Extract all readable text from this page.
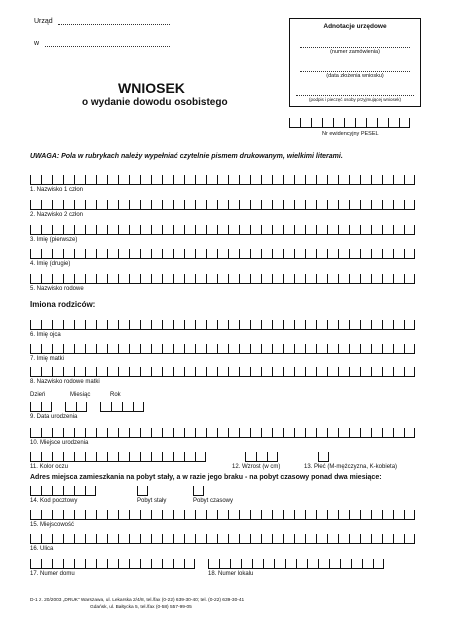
Urząd
w
Adnotacje urzędowe
(numer zamówienia)
(data złożenia wniosku)
(podpis i pieczęć osoby przyjmującej wniosek)
WNIOSEK
o wydanie dowodu osobistego
Nr ewidencyjny PESEL
UWAGA: Pola w rubrykach należy wypełniać czytelnie pismem drukowanym, wielkimi literami.
1. Nazwisko 1 człon
2. Nazwisko 2 człon
3. Imię (pierwsze)
4. Imię (drugie)
5. Nazwisko rodowe
Imiona rodziców:
6. Imię ojca
7. Imię matki
8. Nazwisko rodowe matki
Dzień	Miesiąc	Rok
9. Data urodzenia
10. Miejsce urodzenia
11. Kolor oczu	12. Wzrost (w cm)	13. Płeć (M-mężczyzna, K-kobieta)
Adres miejsca zamieszkania na pobyt stały, a w razie jego braku - na pobyt czasowy ponad dwa miesiące:
14. Kod pocztowy	Pobyt stały	Pobyt czasowy
15. Miejscowość
16. Ulica
17. Numer domu	18. Numer lokalu
D-1 z. 20/2003 „DRUK” Warszawa, ul. Lekarska 2/4/8, tel./fax (0-22) 639-30-40; tel. (0-22) 639-30-41
Gdańsk, ul. Bałtycka 5, tel./fax (0-58) 557-99-05
